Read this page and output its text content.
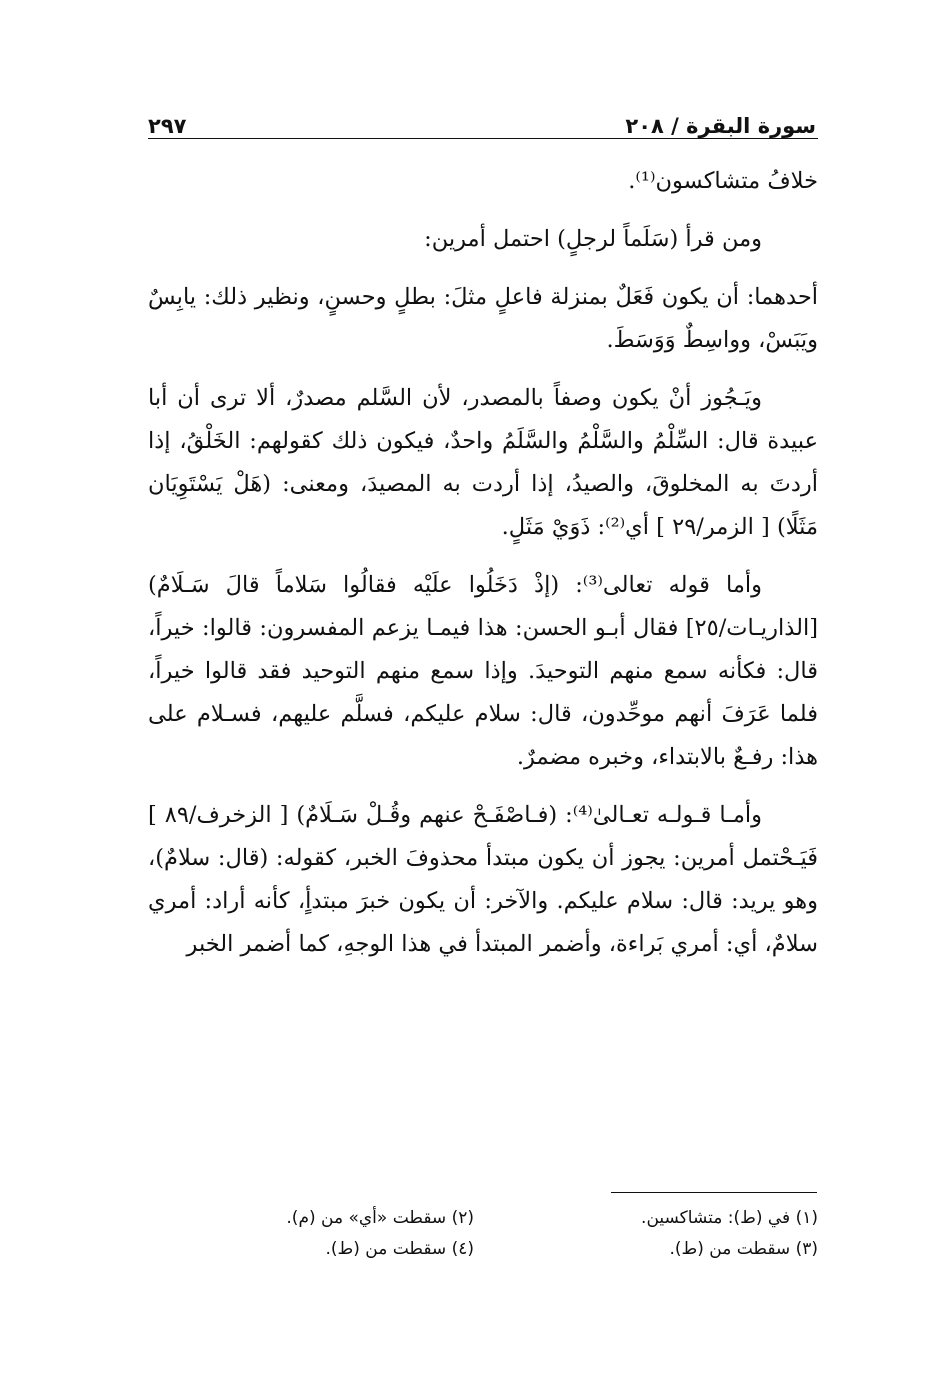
سورة البقرة / ٢٠٨
٢٩٧

خلافُ متشاكسون⁽¹⁾.

ومن قرأ (سَلَماً لرجلٍ) احتمل أمرين:

أحدهما: أن يكون فَعَلٌ بمنزلة فاعلٍ مثلَ: بطلٍ وحسنٍ، ونظير ذلك: يابِسٌ ويَبَسْ، وواسِطٌ وَوَسَطَ.

ويَـجُوز أنْ يكون وصفاً بالمصدر، لأن السَّلم مصدرٌ، ألا ترى أن أبا عبيدة قال: السِّلْمُ والسَّلْمُ والسَّلَمُ واحدٌ، فيكون ذلك كقولهم: الخَلْقُ، إذا أردتَ به المخلوقَ، والصيدُ، إذا أردت به المصيدَ، ومعنى: (هَلْ يَسْتَوِيَان مَثَلًا) [ الزمر/٢٩ ] أي⁽²⁾: ذَوَيْ مَثَلٍ.

وأما قوله تعالى⁽³⁾: (إذْ دَخَلُوا علَيْه فقالُوا سَلاماً قالَ سَـلَامٌ) [الذاريـات/٢٥] فقال أبـو الحسن: هذا فيمـا يزعم المفسرون: قالوا: خيراً، قال: فكأنه سمع منهم التوحيدَ. وإذا سمع منهم التوحيد فقد قالوا خيراً، فلما عَرَفَ أنهم موحِّدون، قال: سلام عليكم، فسلَّم عليهم، فسـلام على هذا: رفـعٌ بالابتداء، وخبره مضمرٌ.

وأمـا قـولـه تعـالىٰ⁽⁴⁾: (فـاصْفَـحْ عنهم وقُـلْ سَـلَامٌ) [ الزخرف/٨٩ ] فَيَـحْتمل أمرين: يجوز أن يكون مبتدأ محذوفَ الخبر، كقوله: (قال: سلامٌ)، وهو يريد: قال: سلام عليكم. والآخر: أن يكون خبرَ مبتدأٍ، كأنه أراد: أمري سلامٌ، أي: أمري بَراءة، وأضمر المبتدأ في هذا الوجهِ، كما أضمر الخبر

(١) في (ط): متشاكسين.
(٢) سقطت «أي» من (م).
(٣) سقطت من (ط).
(٤) سقطت من (ط).
